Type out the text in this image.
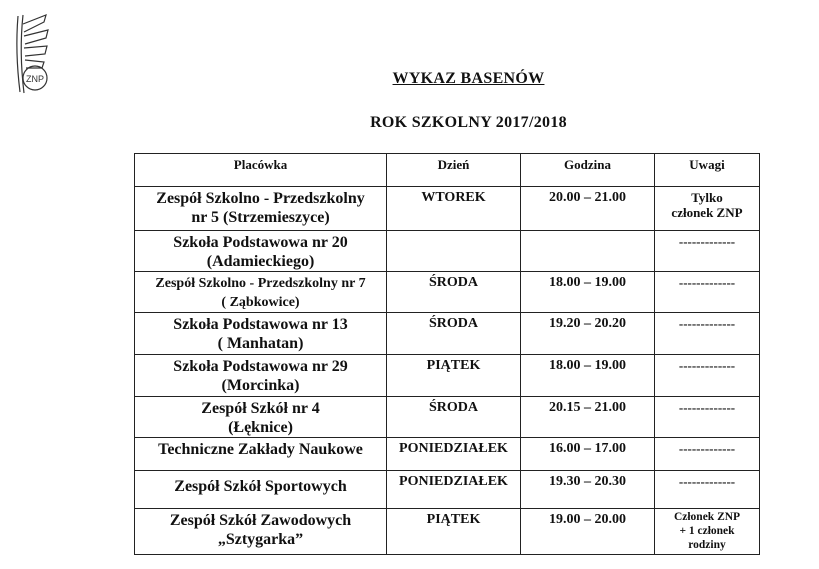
ZNP	WYKAZ BASENÓW
ROK SZKOLNY 2017/2018
Placówka	Dzień	Godzina	Uwagi

Zespół Szkolno - Przedszkolny
nr 5 (Strzemieszyce)	WTOREK	20.00 – 21.00	Tylko
członek ZNP

Szkoła Podstawowa nr 20
(Adamieckiego)			-------------

Zespół Szkolno - Przedszkolny nr 7
( Ząbkowice)	ŚRODA	18.00 – 19.00	-------------

Szkoła Podstawowa nr 13
( Manhatan)	ŚRODA	19.20 – 20.20	-------------

Szkoła Podstawowa nr 29
(Morcinka)	PIĄTEK	18.00 – 19.00	-------------

Zespół Szkół nr 4
(Łęknice)	ŚRODA	20.15 – 21.00	-------------

Techniczne Zakłady Naukowe	PONIEDZIAŁEK	16.00 – 17.00	-------------

Zespół Szkół Sportowych	PONIEDZIAŁEK	19.30 – 20.30	-------------

Zespół Szkół Zawodowych
„Sztygarka”	PIĄTEK	19.00 – 20.00	Członek ZNP
+ 1 członek
rodziny
